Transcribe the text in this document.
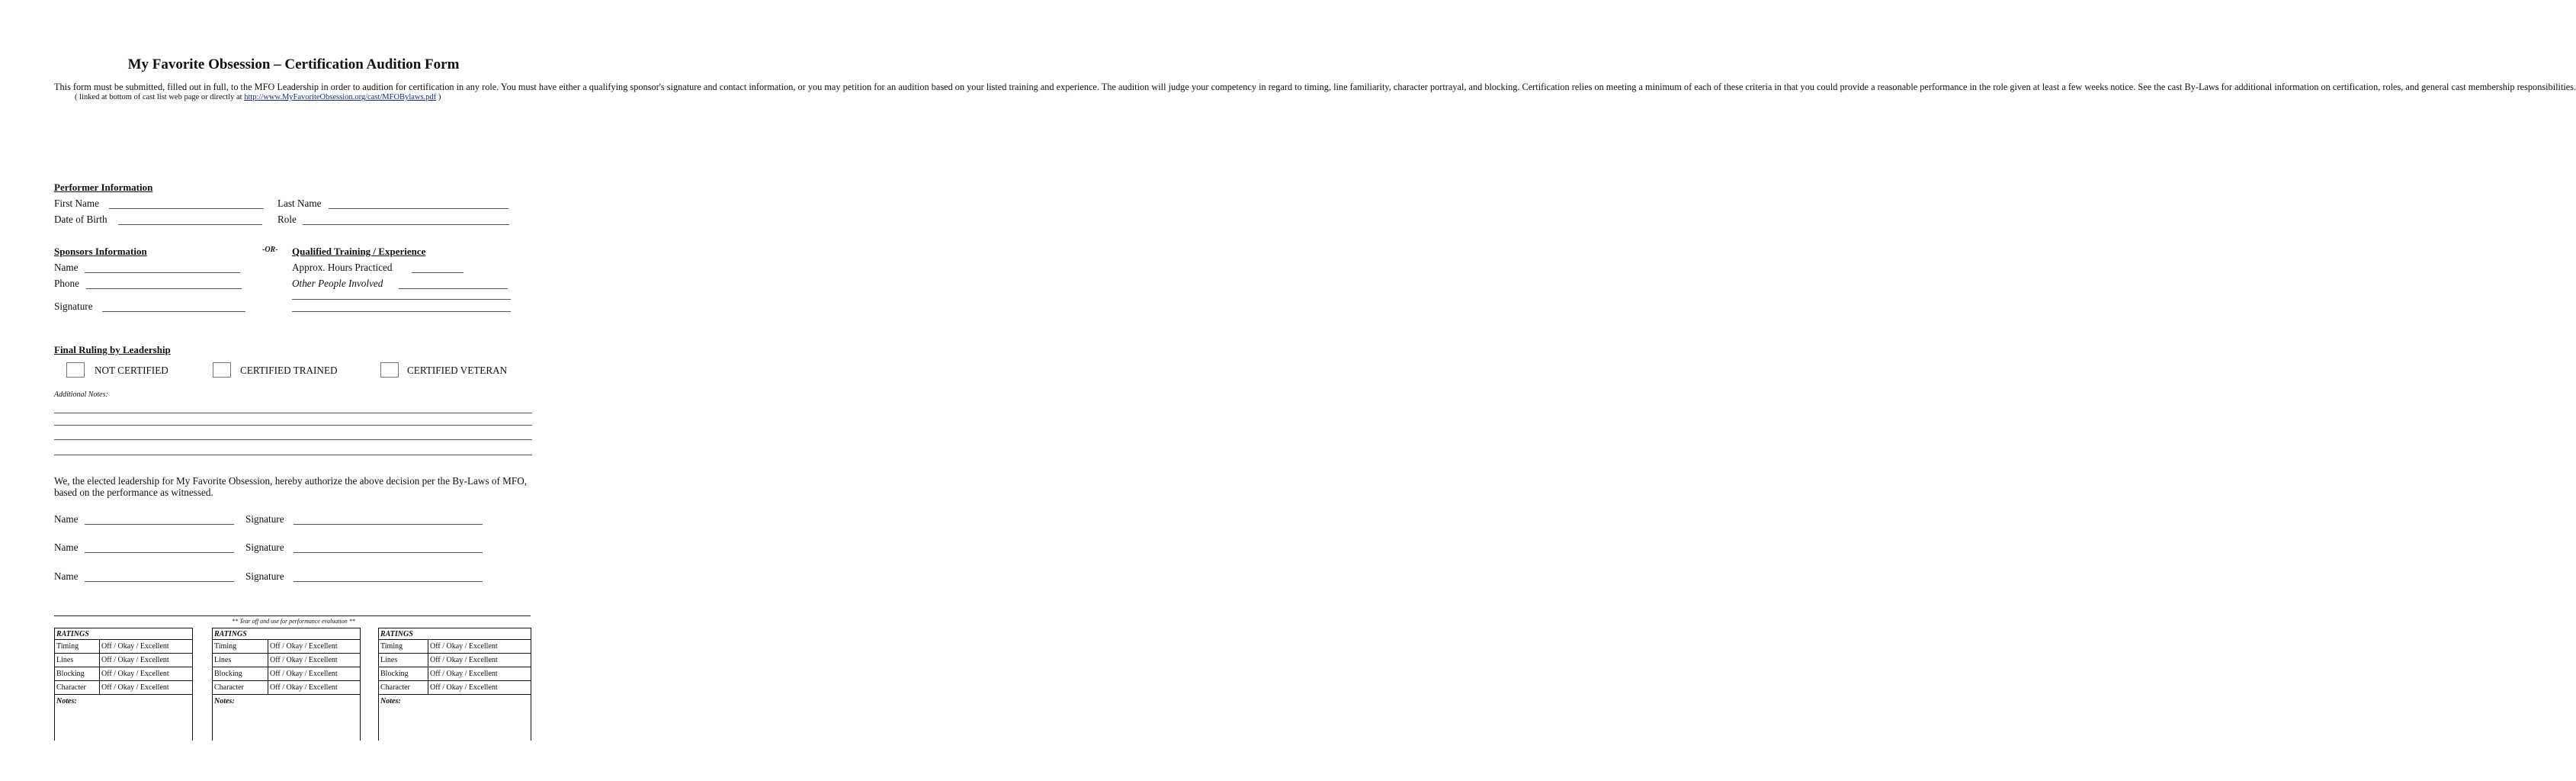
My Favorite Obsession – Certification Audition Form

This form must be submitted, filled out in full, to the MFO Leadership in order to audition for certification in any role. You must have either a qualifying sponsor's signature and contact information, or you may petition for an audition based on your listed training and experience. The audition will judge your competency in regard to timing, line familiarity, character portrayal, and blocking. Certification relies on meeting a minimum of each of these criteria in that you could provide a reasonable performance in the role given at least a few weeks notice. See the cast By-Laws for additional information on certification, roles, and general cast membership responsibilities.

( linked at bottom of cast list web page or directly at http://www.MyFavoriteObsession.org/cast/MFOBylaws.pdf )

Performer Information
First Name	Last Name
Date of Birth	Role
Sponsors Information	-OR- Qualified Training / Experience
Name	Approx. Hours Practiced
Phone	Other People Involved
Signature
Final Ruling by Leadership
NOT CERTIFIED	CERTIFIED TRAINED	CERTIFIED VETERAN
Additional Notes:
We, the elected leadership for My Favorite Obsession, hereby authorize the above decision per the By-Laws of MFO, based on the performance as witnessed.
Name	Signature
Name	Signature
Name	Signature
** Tear off and use for performance evaluation **
RATINGS	
Timing	Off / Okay / Excellent
Lines	Off / Okay / Excellent
Blocking	Off / Okay / Excellent
Character	Off / Okay / Excellent
Notes:
RATINGS	
Timing	Off / Okay / Excellent
Lines	Off / Okay / Excellent
Blocking	Off / Okay / Excellent
Character	Off / Okay / Excellent
Notes:
RATINGS	
Timing	Off / Okay / Excellent
Lines	Off / Okay / Excellent
Blocking	Off / Okay / Excellent
Character	Off / Okay / Excellent
Notes:
